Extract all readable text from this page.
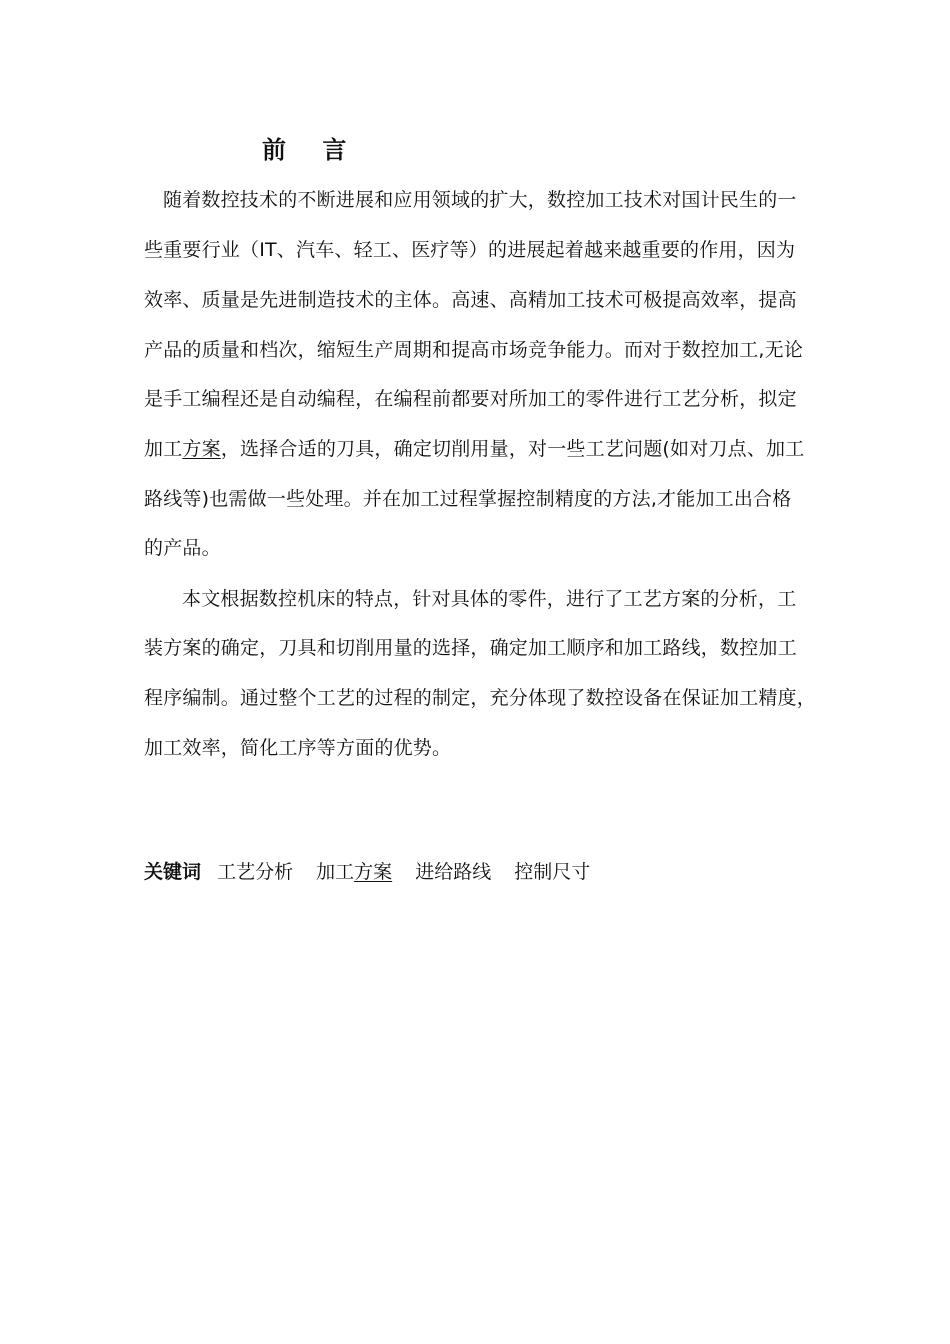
前 言
随着数控技术的不断进展和应用领域的扩大，数控加工技术对国计民生的一
些重要行业（IT、汽车、轻工、医疗等）的进展起着越来越重要的作用，因为
效率、质量是先进制造技术的主体。高速、高精加工技术可极提高效率，提高
产品的质量和档次，缩短生产周期和提高市场竞争能力。而对于数控加工,无论
是手工编程还是自动编程，在编程前都要对所加工的零件进行工艺分析，拟定
加工方案，选择合适的刀具，确定切削用量，对一些工艺问题(如对刀点、加工
路线等)也需做一些处理。并在加工过程掌握控制精度的方法,才能加工出合格
的产品。
本文根据数控机床的特点，针对具体的零件，进行了工艺方案的分析，工
装方案的确定，刀具和切削用量的选择，确定加工顺序和加工路线，数控加工
程序编制。通过整个工艺的过程的制定，充分体现了数控设备在保证加工精度，
加工效率，简化工序等方面的优势。
关键词 工艺分析 加工方案 进给路线 控制尺寸
